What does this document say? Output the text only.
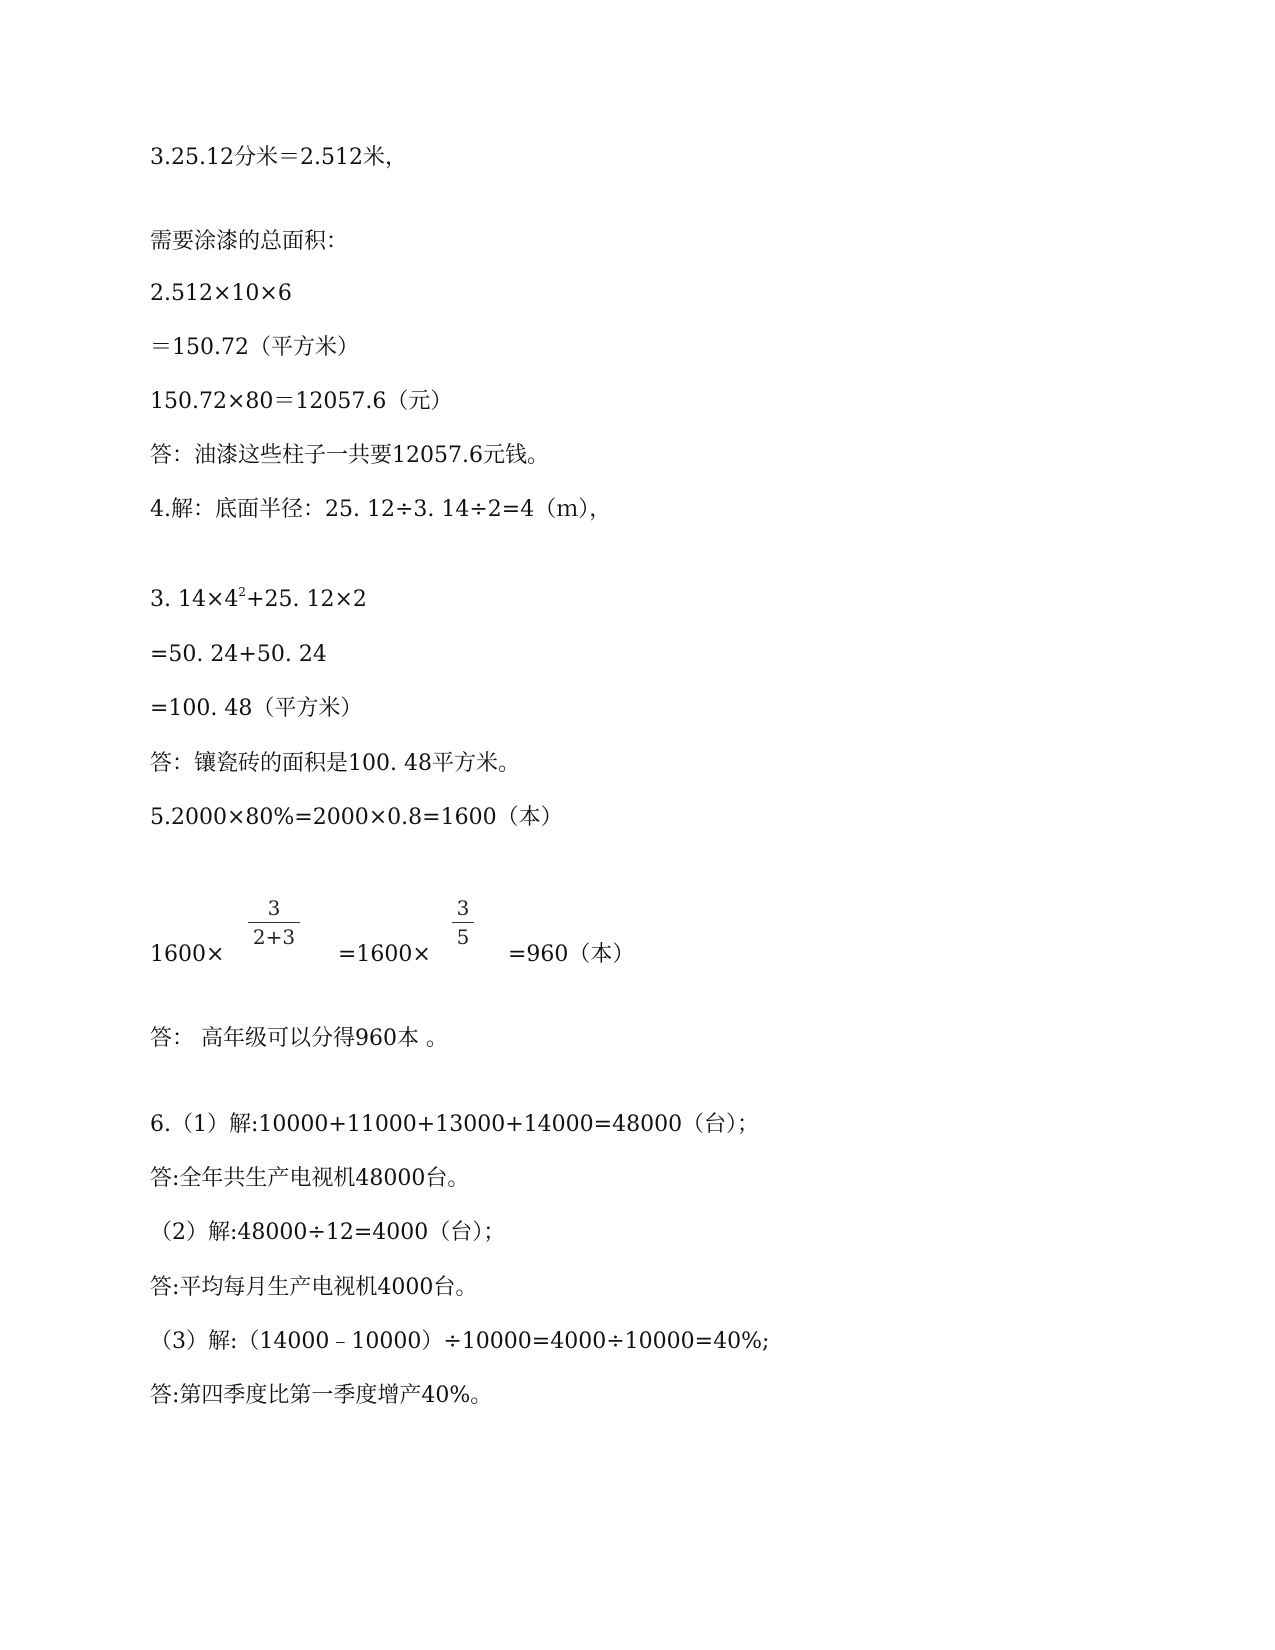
3.25.12分米＝2.512米，
需要涂漆的总面积：
2.512×10×6
＝150.72（平方米）
150.72×80＝12057.6（元）
答：油漆这些柱子一共要12057.6元钱。
4.解：底面半径：25. 12÷3. 14÷2=4（ｍ），
3. $14\times 4^2+25$. 12×2
=50. 24+50. 24
=100. 48（平方米）
答：镶瓷砖的面积是100. 48平方米。
5.2000×80%=2000×0.8=1600（本）
1600×
3
2+3
=1600×
3
5
=960（本）
答： 高年级可以分得960本 。
6.（1）解:10000+11000+13000+14000=48000（台）；
答:全年共生产电视机48000台。
（2）解:48000÷12=4000（台）；
答:平均每月生产电视机4000台。
（3）解:（14000﹣10000）÷10000=4000÷10000=40%;
答:第四季度比第一季度增产40%。
